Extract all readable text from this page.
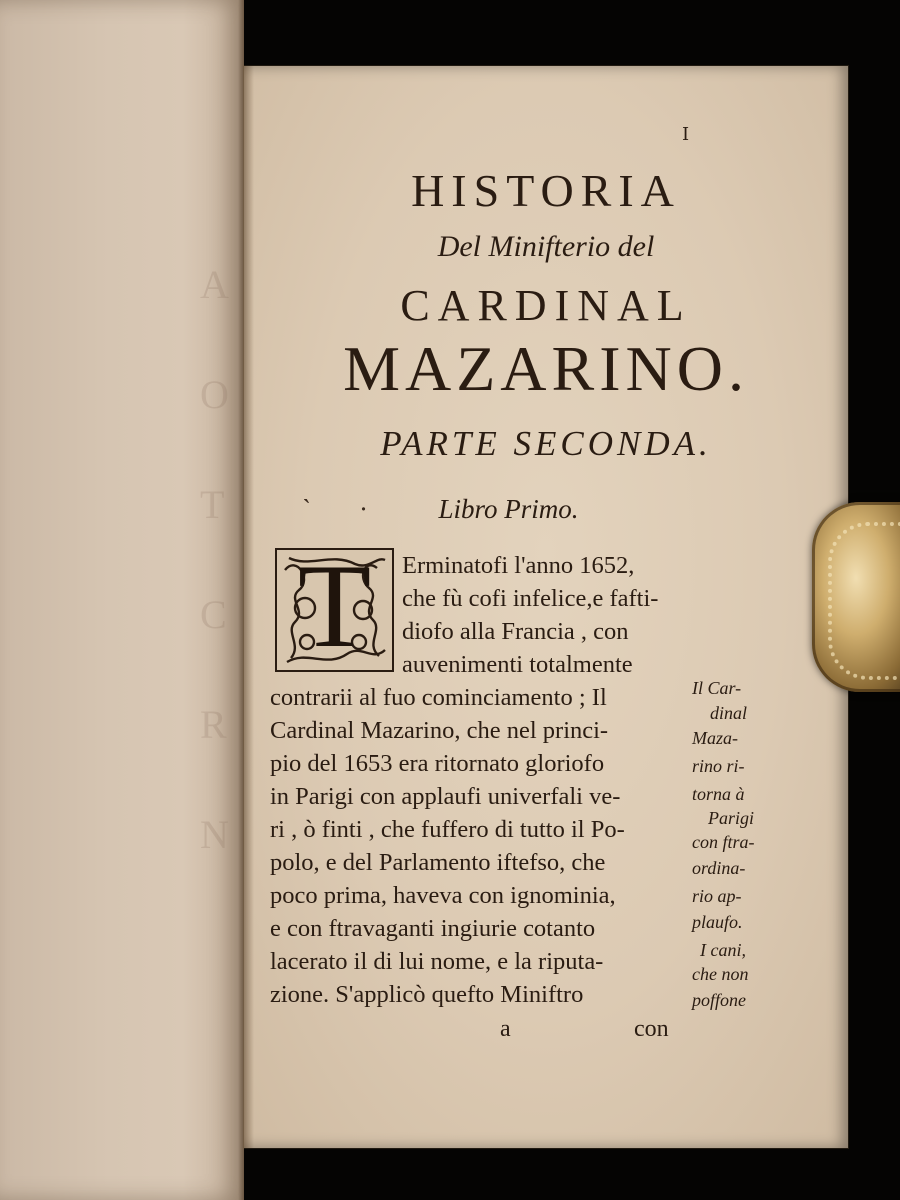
A
O
T
C
R
N
I
HISTORIA
Del Minifterio del
CARDINAL
MAZARINO.
PARTE SECONDA.
` · Libro Primo.
T	Erminatofi l'anno 1652,
che fù cofi infelice,e fafti-
diofo alla Francia , con
auvenimenti totalmente
contrarii al fuo cominciamento ; Il
Cardinal Mazarino, che nel princi-
pio del 1653 era ritornato gloriofo
in Parigi con applaufi univerfali ve-
ri , ò finti , che fuffero di tutto il Po-
polo, e del Parlamento iftefso, che
poco prima, haveva con ignominia,
e con ftravaganti ingiurie cotanto
lacerato il di lui nome, e la riputa-
zione. S'applicò quefto Miniftro
Il Car-
dinal
Maza-
rino ri-
torna à
Parigi
con ftra-
ordina-
rio ap-
plaufo.
I cani,
che non
poffone
a	con
